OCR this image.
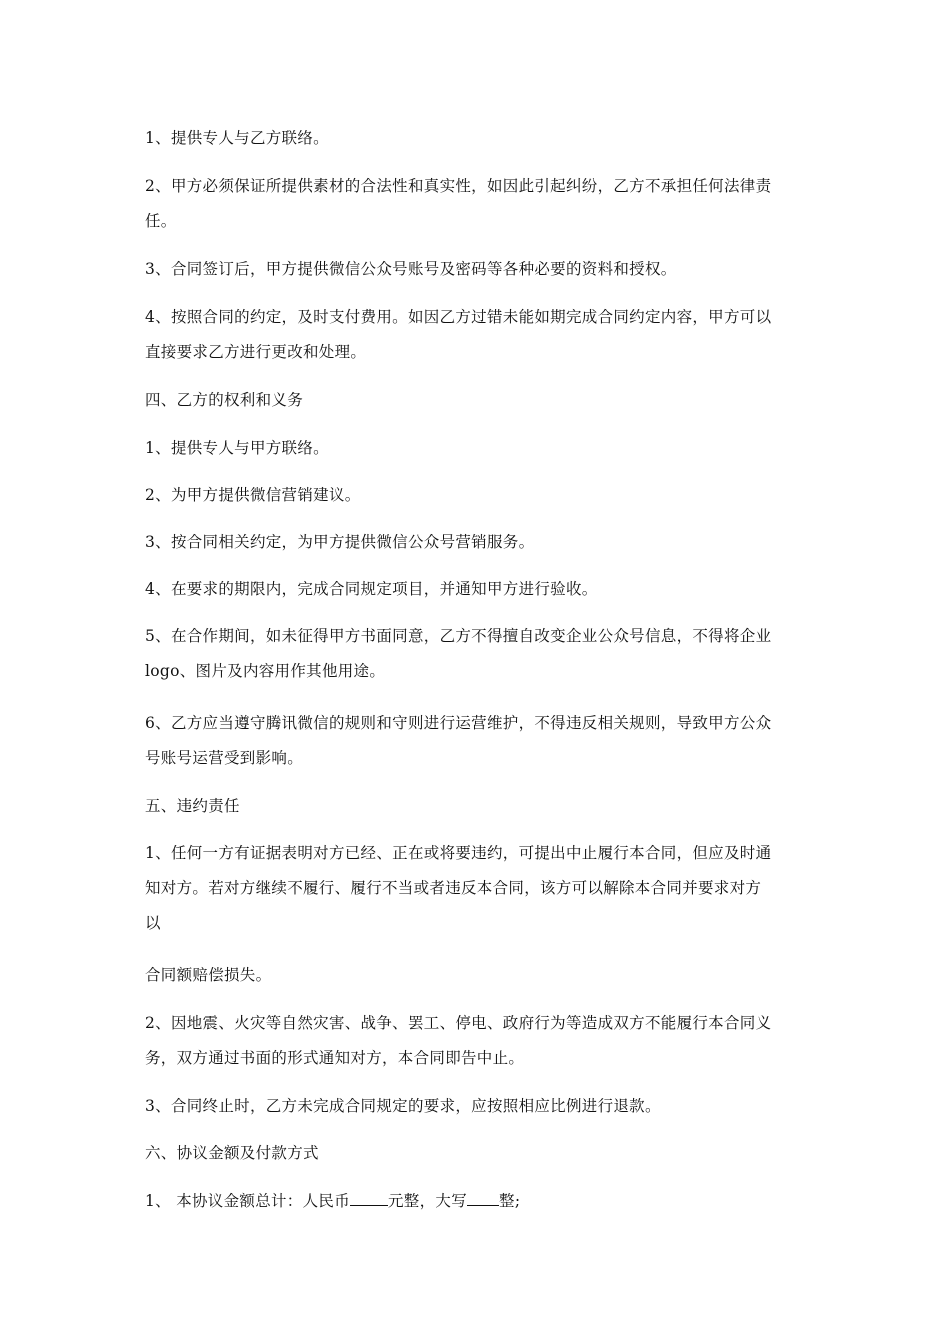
1、提供专人与乙方联络。

2、甲方必须保证所提供素材的合法性和真实性，如因此引起纠纷，乙方不承担任何法律责

任。

3、合同签订后，甲方提供微信公众号账号及密码等各种必要的资料和授权。

4、按照合同的约定，及时支付费用。如因乙方过错未能如期完成合同约定内容，甲方可以

直接要求乙方进行更改和处理。

四、乙方的权利和义务

1、提供专人与甲方联络。

2、为甲方提供微信营销建议。

3、按合同相关约定，为甲方提供微信公众号营销服务。

4、在要求的期限内，完成合同规定项目，并通知甲方进行验收。

5、在合作期间，如未征得甲方书面同意，乙方不得擅自改变企业公众号信息，不得将企业

logo、图片及内容用作其他用途。

6、乙方应当遵守腾讯微信的规则和守则进行运营维护，不得违反相关规则，导致甲方公众

号账号运营受到影响。

五、违约责任

1、任何一方有证据表明对方已经、正在或将要违约，可提出中止履行本合同，但应及时通

知对方。若对方继续不履行、履行不当或者违反本合同，该方可以解除本合同并要求对方

以

合同额赔偿损失。

2、因地震、火灾等自然灾害、战争、罢工、停电、政府行为等造成双方不能履行本合同义

务，双方通过书面的形式通知对方，本合同即告中止。

3、合同终止时，乙方未完成合同规定的要求，应按照相应比例进行退款。

六、协议金额及付款方式

1、 本协议金额总计：人民币 元整，大写 整;
